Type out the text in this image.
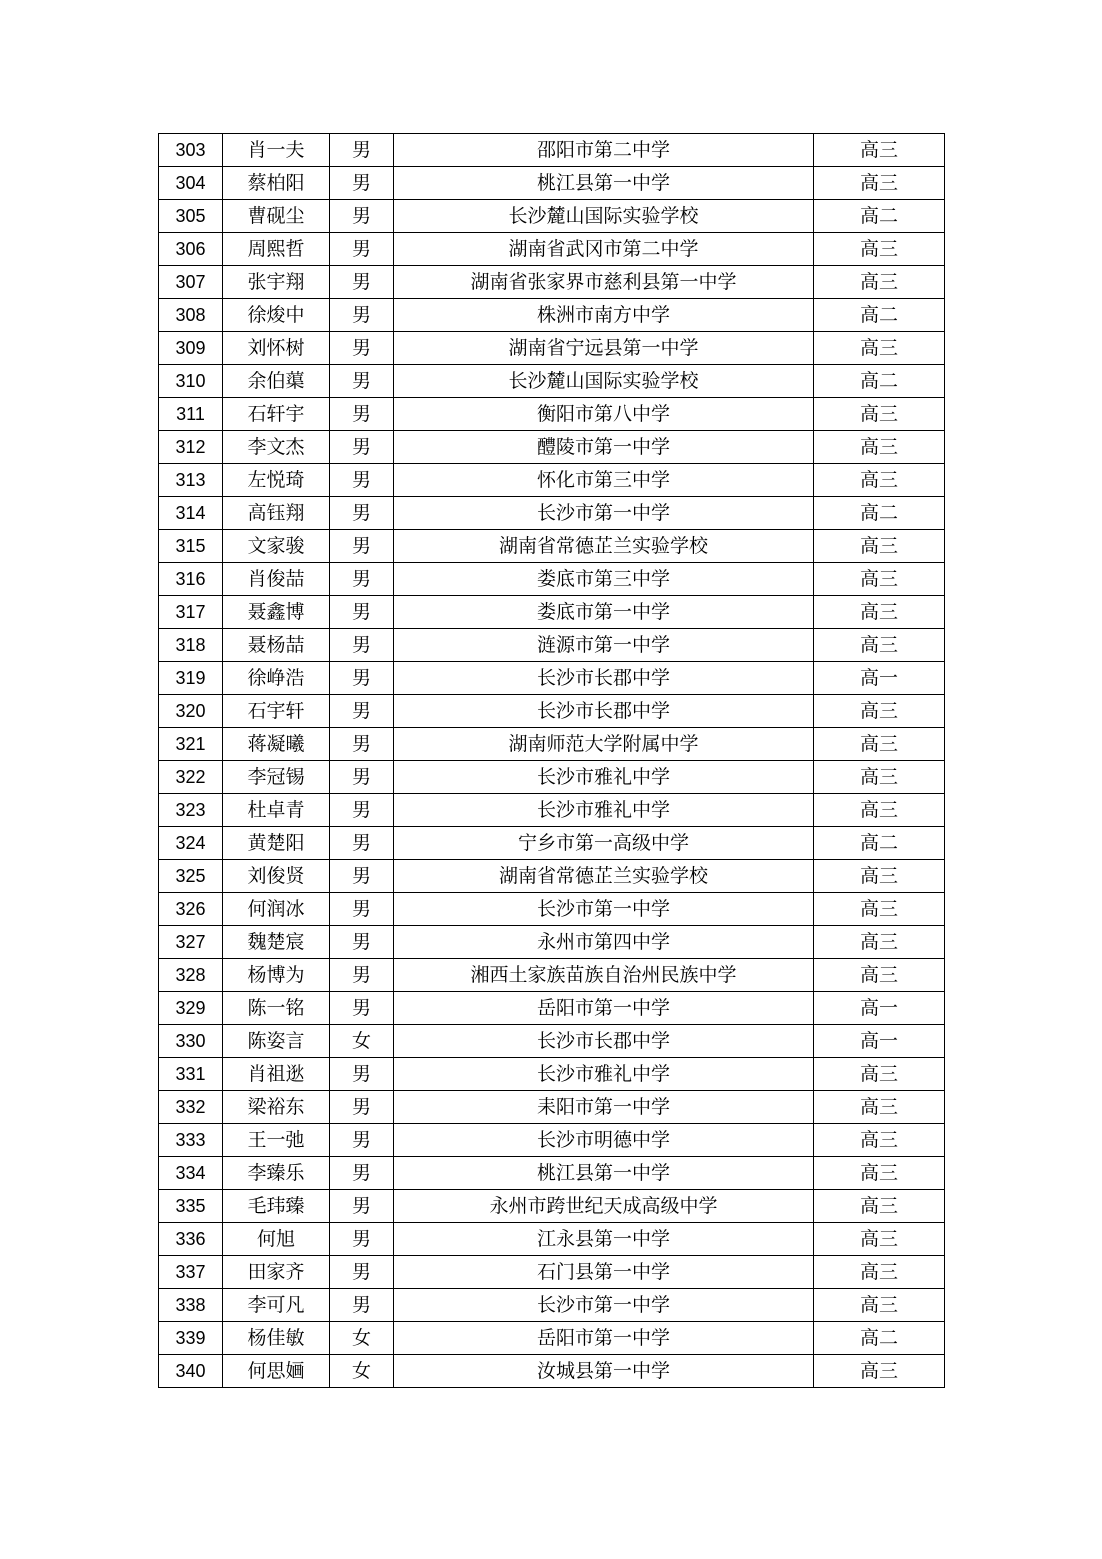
303	肖一夫	男	邵阳市第二中学	高三
304	蔡柏阳	男	桃江县第一中学	高三
305	曹砚尘	男	长沙麓山国际实验学校	高二
306	周熙哲	男	湖南省武冈市第二中学	高三
307	张宇翔	男	湖南省张家界市慈利县第一中学	高三
308	徐焌中	男	株洲市南方中学	高二
309	刘怀树	男	湖南省宁远县第一中学	高三
310	余伯蕖	男	长沙麓山国际实验学校	高二
311	石轩宇	男	衡阳市第八中学	高三
312	李文杰	男	醴陵市第一中学	高三
313	左悦琦	男	怀化市第三中学	高三
314	高钰翔	男	长沙市第一中学	高二
315	文家骏	男	湖南省常德芷兰实验学校	高三
316	肖俊喆	男	娄底市第三中学	高三
317	聂鑫博	男	娄底市第一中学	高三
318	聂杨喆	男	涟源市第一中学	高三
319	徐峥浩	男	长沙市长郡中学	高一
320	石宇轩	男	长沙市长郡中学	高三
321	蒋凝曦	男	湖南师范大学附属中学	高三
322	李冠锡	男	长沙市雅礼中学	高三
323	杜卓青	男	长沙市雅礼中学	高三
324	黄楚阳	男	宁乡市第一高级中学	高二
325	刘俊贤	男	湖南省常德芷兰实验学校	高三
326	何润冰	男	长沙市第一中学	高三
327	魏楚宸	男	永州市第四中学	高三
328	杨博为	男	湘西土家族苗族自治州民族中学	高三
329	陈一铭	男	岳阳市第一中学	高一
330	陈姿言	女	长沙市长郡中学	高一
331	肖祖逖	男	长沙市雅礼中学	高三
332	梁裕东	男	耒阳市第一中学	高三
333	王一弛	男	长沙市明德中学	高三
334	李臻乐	男	桃江县第一中学	高三
335	毛玮臻	男	永州市跨世纪天成高级中学	高三
336	何旭	男	江永县第一中学	高三
337	田家齐	男	石门县第一中学	高三
338	李可凡	男	长沙市第一中学	高三
339	杨佳敏	女	岳阳市第一中学	高二
340	何思婳	女	汝城县第一中学	高三
